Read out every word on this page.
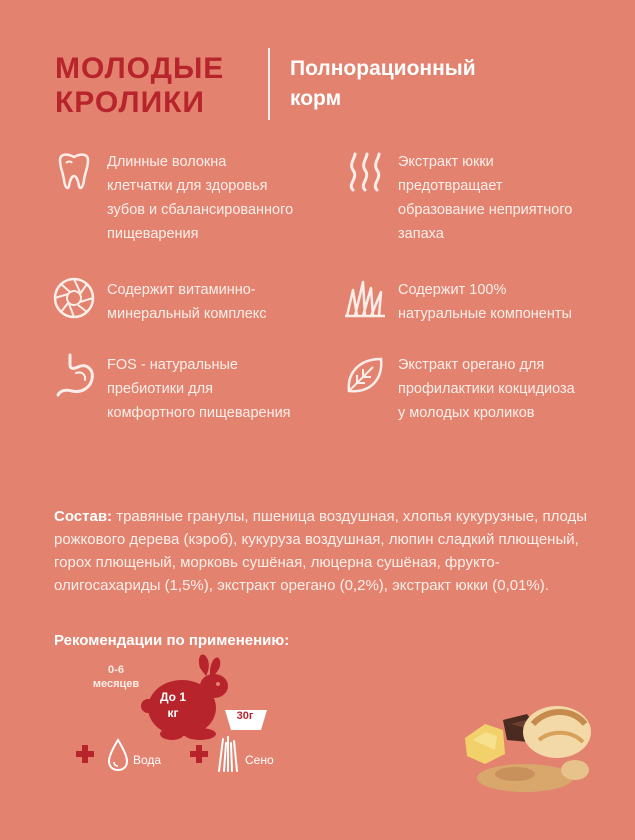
МОЛОДЫЕ
КРОЛИКИ
Полнорационный
корм
Длинные волокна
клетчатки для здоровья
зубов и сбалансированного
пищеварения
Экстракт юкки
предотвращает
образование неприятного
запаха
Содержит витаминно-
минеральный комплекс
Содержит 100%
натуральные компоненты
FOS - натуральные
пребиотики для
комфортного пищеварения
Экстракт орегано для
профилактики кокцидиоза
у молодых кроликов
Состав: травяные гранулы, пшеница воздушная, хлопья кукурузные, плоды рожкового дерева (кэроб), кукуруза воздушная, люпин сладкий плющеный, горох плющеный, морковь сушёная, люцерна сушёная, фрукто-олигосахариды (1,5%), экстракт орегано (0,2%), экстракт юкки (0,01%).
Рекомендации по применению:
0-6
месяцев
До 1
кг	30г
Вода	Сено
